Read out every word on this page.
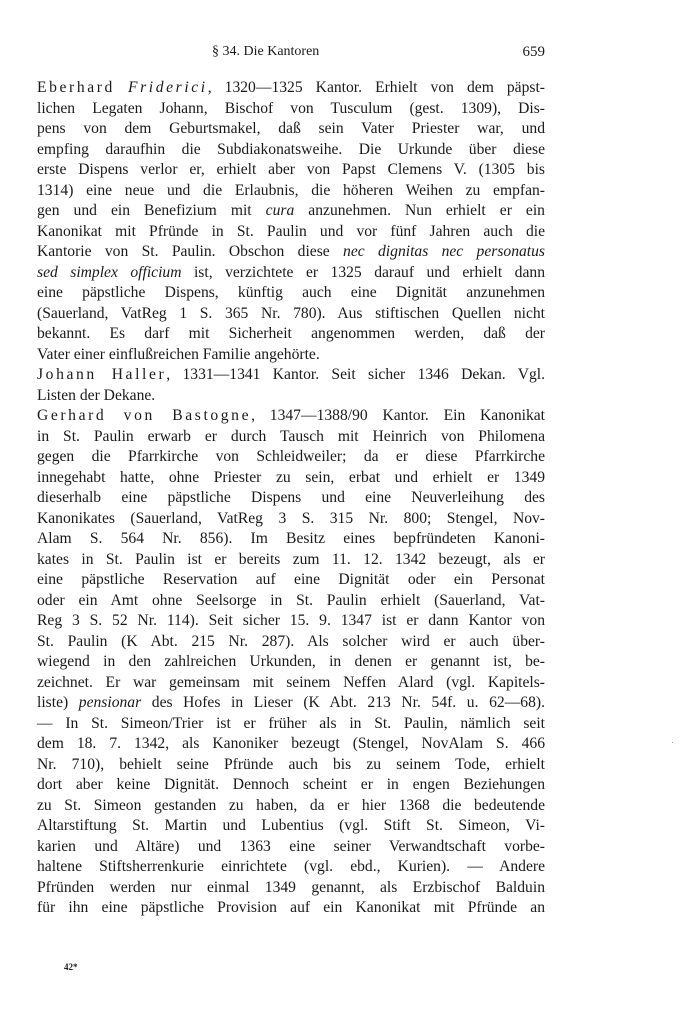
§ 34. Die Kantoren	659
Eberhard Friderici, 1320—1325 Kantor. Erhielt von dem päpst-
lichen Legaten Johann, Bischof von Tusculum (gest. 1309), Dis-
pens von dem Geburtsmakel, daß sein Vater Priester war, und
empfing daraufhin die Subdiakonatsweihe. Die Urkunde über diese
erste Dispens verlor er, erhielt aber von Papst Clemens V. (1305 bis
1314) eine neue und die Erlaubnis, die höheren Weihen zu empfan-
gen und ein Benefizium mit cura anzunehmen. Nun erhielt er ein
Kanonikat mit Pfründe in St. Paulin und vor fünf Jahren auch die
Kantorie von St. Paulin. Obschon diese nec dignitas nec personatus
sed simplex officium ist, verzichtete er 1325 darauf und erhielt dann
eine päpstliche Dispens, künftig auch eine Dignität anzunehmen
(Sauerland, VatReg 1 S. 365 Nr. 780). Aus stiftischen Quellen nicht
bekannt. Es darf mit Sicherheit angenommen werden, daß der
Vater einer einflußreichen Familie angehörte.
Johann Haller, 1331—1341 Kantor. Seit sicher 1346 Dekan. Vgl.
Listen der Dekane.
Gerhard von Bastogne, 1347—1388/90 Kantor. Ein Kanonikat
in St. Paulin erwarb er durch Tausch mit Heinrich von Philomena
gegen die Pfarrkirche von Schleidweiler; da er diese Pfarrkirche
innegehabt hatte, ohne Priester zu sein, erbat und erhielt er 1349
dieserhalb eine päpstliche Dispens und eine Neuverleihung des
Kanonikates (Sauerland, VatReg 3 S. 315 Nr. 800; Stengel, Nov-
Alam S. 564 Nr. 856). Im Besitz eines bepfründeten Kanoni-
kates in St. Paulin ist er bereits zum 11. 12. 1342 bezeugt, als er
eine päpstliche Reservation auf eine Dignität oder ein Personat
oder ein Amt ohne Seelsorge in St. Paulin erhielt (Sauerland, Vat-
Reg 3 S. 52 Nr. 114). Seit sicher 15. 9. 1347 ist er dann Kantor von
St. Paulin (K Abt. 215 Nr. 287). Als solcher wird er auch über-
wiegend in den zahlreichen Urkunden, in denen er genannt ist, be-
zeichnet. Er war gemeinsam mit seinem Neffen Alard (vgl. Kapitels-
liste) pensionar des Hofes in Lieser (K Abt. 213 Nr. 54f. u. 62—68).
— In St. Simeon/Trier ist er früher als in St. Paulin, nämlich seit
dem 18. 7. 1342, als Kanoniker bezeugt (Stengel, NovAlam S. 466
Nr. 710), behielt seine Pfründe auch bis zu seinem Tode, erhielt
dort aber keine Dignität. Dennoch scheint er in engen Beziehungen
zu St. Simeon gestanden zu haben, da er hier 1368 die bedeutende
Altarstiftung St. Martin und Lubentius (vgl. Stift St. Simeon, Vi-
karien und Altäre) und 1363 eine seiner Verwandtschaft vorbe-
haltene Stiftsherrenkurie einrichtete (vgl. ebd., Kurien). — Andere
Pfründen werden nur einmal 1349 genannt, als Erzbischof Balduin
für ihn eine päpstliche Provision auf ein Kanonikat mit Pfründe an
42*
